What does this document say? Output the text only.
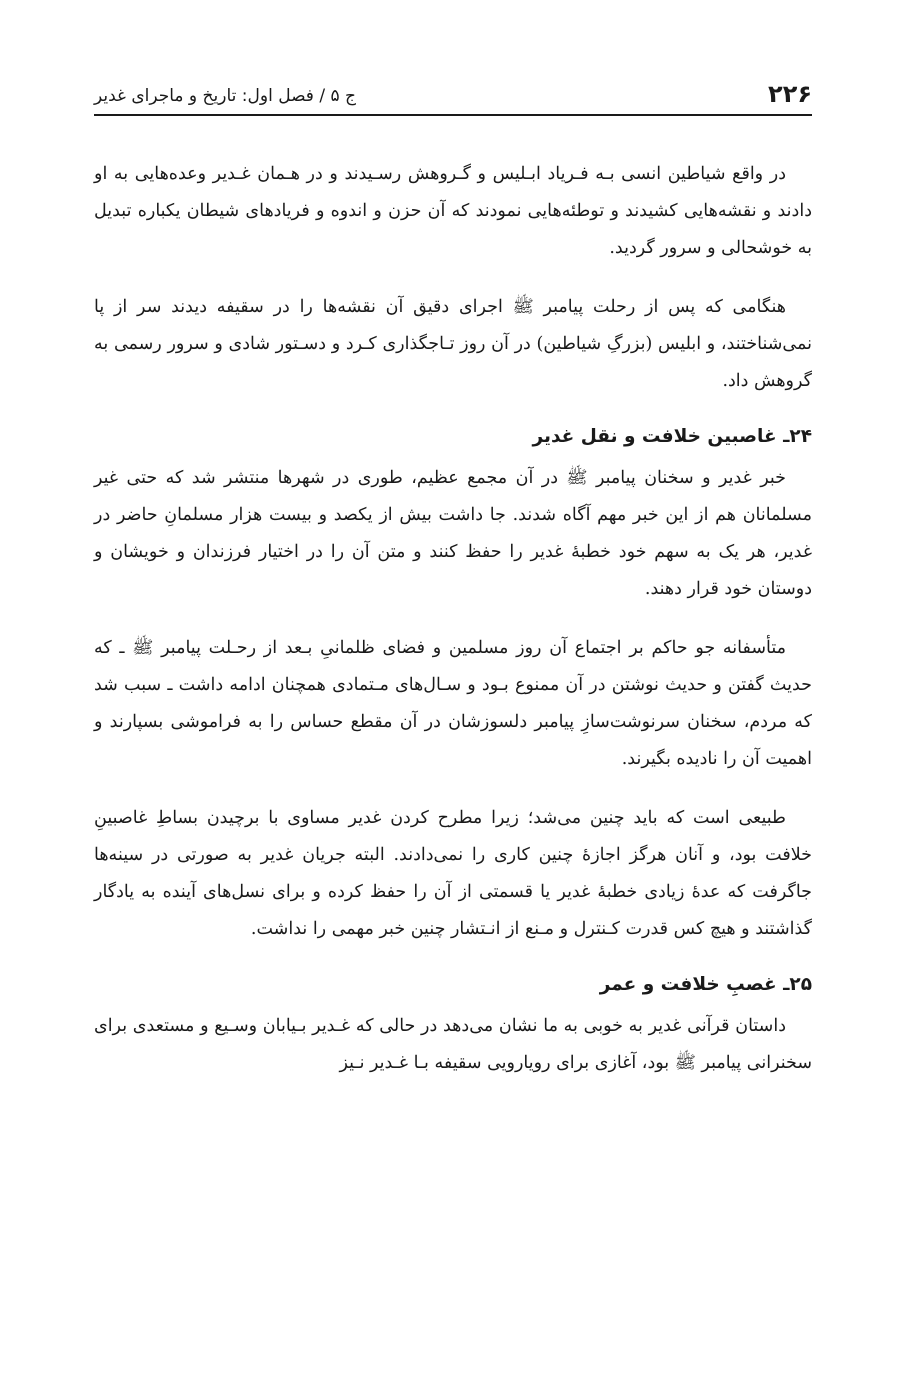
۲۲۶
ج ۵ / فصل اول: تاریخ و ماجرای غدیر

در واقع شیاطین انسی بـه فـریاد ابـلیس و گـروهش رسـیدند و در هـمان غـدیر وعده‌هایی به او دادند و نقشه‌هایی کشیدند و توطئه‌هایی نمودند که آن حزن و اندوه و فریادهای شیطان یکباره تبدیل به خوشحالی و سرور گردید.

هنگامی که پس از رحلت پیامبر ﷺ اجرای دقیق آن نقشه‌ها را در سقیفه دیدند سر از پا نمی‌شناختند، و ابلیس (بزرگِ شیاطین) در آن روز تـاجگذاری کـرد و دسـتور شادی و سرور رسمی به گروهش داد.

۲۴ـ غاصبین خلافت و نقل غدیر

خبر غدیر و سخنان پیامبر ﷺ در آن مجمع عظیم، طوری در شهرها منتشر شد که حتی غیر مسلمانان هم از این خبر مهم آگاه شدند. جا داشت بیش از یکصد و بیست هزار مسلمانِ حاضر در غدیر، هر یک به سهم خود خطبهٔ غدیر را حفظ کنند و متن آن را در اختیار فرزندان و خویشان و دوستان خود قرار دهند.

متأسفانه جو حاکم بر اجتماع آن روز مسلمین و فضای ظلمانیِ بـعد از رحـلت پیامبر ﷺ ـ که حدیث گفتن و حدیث نوشتن در آن ممنوع بـود و سـال‌های مـتمادی همچنان ادامه داشت ـ سبب شد که مردم، سخنان سرنوشت‌سازِ پیامبر دلسوزشان در آن مقطع حساس را به فراموشی بسپارند و اهمیت آن را نادیده بگیرند.

طبیعی است که باید چنین می‌شد؛ زیرا مطرح کردن غدیر مساوی با برچیدن بساطِ غاصبینِ خلافت بود، و آنان هرگز اجازهٔ چنین کاری را نمی‌دادند. البته جریان غدیر به صورتی در سینه‌ها جاگرفت که عدهٔ زیادی خطبهٔ غدیر یا قسمتی از آن را حفظ کرده و برای نسل‌های آینده به یادگار گذاشتند و هیچ کس قدرت کـنترل و مـنع از انـتشار چنین خبر مهمی را نداشت.

۲۵ـ غصبِ خلافت و عمر

داستان قرآنی غدیر به خوبی به ما نشان می‌دهد در حالی که غـدیر بـیابان وسـیع و مستعدی برای سخنرانی پیامبر ﷺ بود، آغازی برای رویارویی سقیفه بـا غـدیر نـیز
